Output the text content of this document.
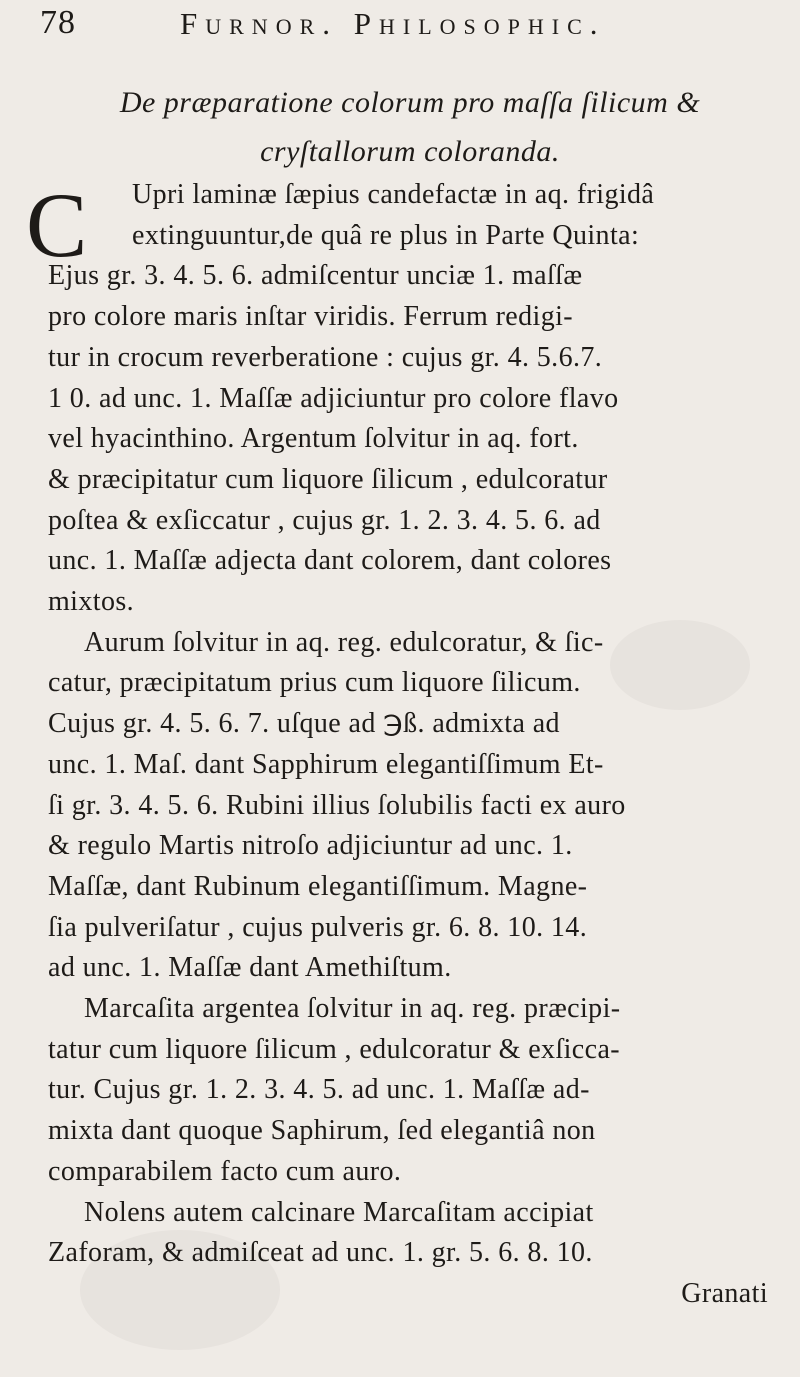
78	Furnor. Philosophic.
De præparatione colorum pro maſſa ſilicum &
cryſtallorum coloranda.
C	Upri laminæ ſæpius candefactæ in aq. frigidâ
extinguuntur,de quâ re plus in Parte Quinta:
Ejus gr. 3. 4. 5. 6. admiſcentur unciæ 1. maſſæ
pro colore maris inſtar viridis. Ferrum redigi-
tur in crocum reverberatione : cujus gr. 4. 5.6.7.
1 0. ad unc. 1. Maſſæ adjiciuntur pro colore flavo
vel hyacinthino. Argentum ſolvitur in aq. fort.
& præcipitatur cum liquore ſilicum , edulcoratur
poſtea & exſiccatur , cujus gr. 1. 2. 3. 4. 5. 6. ad
unc. 1. Maſſæ adjecta dant colorem, dant colores
mixtos.
Aurum ſolvitur in aq. reg. edulcoratur, & ſic-
catur, præcipitatum prius cum liquore ſilicum.
Cujus gr. 4. 5. 6. 7. uſque ad ℈ß. admixta ad
unc. 1. Maſ. dant Sapphirum elegantiſſimum Et-
ſi gr. 3. 4. 5. 6. Rubini illius ſolubilis facti ex auro
& regulo Martis nitroſo adjiciuntur ad unc. 1.
Maſſæ, dant Rubinum elegantiſſimum. Magne-
ſia pulveriſatur , cujus pulveris gr. 6. 8. 10. 14.
ad unc. 1. Maſſæ dant Amethiſtum.
Marcaſita argentea ſolvitur in aq. reg. præcipi-
tatur cum liquore ſilicum , edulcoratur & exſicca-
tur. Cujus gr. 1. 2. 3. 4. 5. ad unc. 1. Maſſæ ad-
mixta dant quoque Saphirum, ſed elegantiâ non
comparabilem facto cum auro.
Nolens autem calcinare Marcaſitam accipiat
Zaforam, & admiſceat ad unc. 1. gr. 5. 6. 8. 10.
Granati
